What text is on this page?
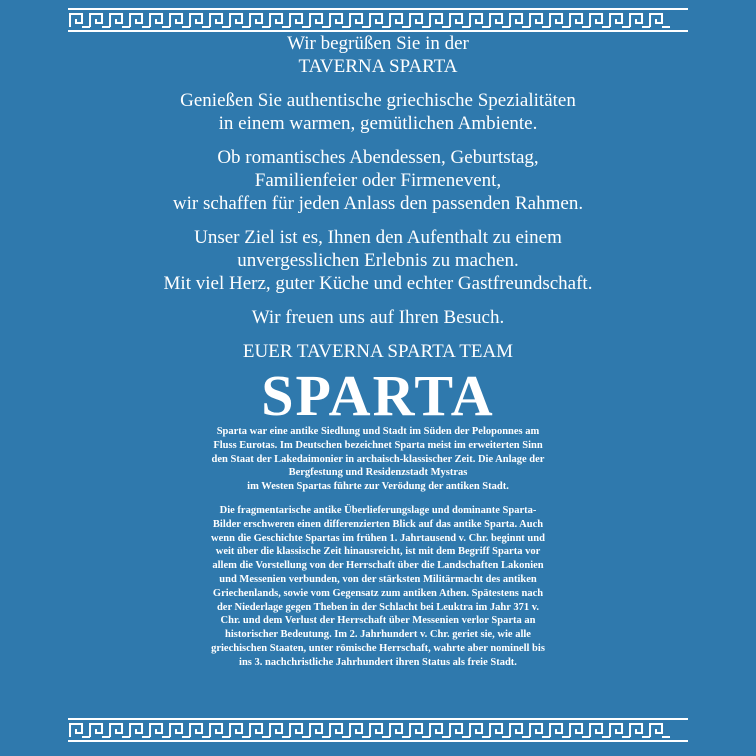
Wir begrüßen Sie in der
TAVERNA SPARTA

Genießen Sie authentische griechische Spezialitäten
in einem warmen, gemütlichen Ambiente.

Ob romantisches Abendessen, Geburtstag,
Familienfeier oder Firmenevent,
wir schaffen für jeden Anlass den passenden Rahmen.

Unser Ziel ist es, Ihnen den Aufenthalt zu einem
unvergesslichen Erlebnis zu machen.
Mit viel Herz, guter Küche und echter Gastfreundschaft.

Wir freuen uns auf Ihren Besuch.

EUER TAVERNA SPARTA TEAM

SPARTA
Sparta war eine antike Siedlung und Stadt im Süden der Peloponnes am
Fluss Eurotas. Im Deutschen bezeichnet Sparta meist im erweiterten Sinn
den Staat der Lakedaimonier in archaisch-klassischer Zeit. Die Anlage der
Bergfestung und Residenzstadt Mystras
im Westen Spartas führte zur Verödung der antiken Stadt.
Die fragmentarische antike Überlieferungslage und dominante Sparta-
Bilder erschweren einen differenzierten Blick auf das antike Sparta. Auch
wenn die Geschichte Spartas im frühen 1. Jahrtausend v. Chr. beginnt und
weit über die klassische Zeit hinausreicht, ist mit dem Begriff Sparta vor
allem die Vorstellung von der Herrschaft über die Landschaften Lakonien
und Messenien verbunden, von der stärksten Militärmacht des antiken
Griechenlands, sowie vom Gegensatz zum antiken Athen. Spätestens nach
der Niederlage gegen Theben in der Schlacht bei Leuktra im Jahr 371 v.
Chr. und dem Verlust der Herrschaft über Messenien verlor Sparta an
historischer Bedeutung. Im 2. Jahrhundert v. Chr. geriet sie, wie alle
griechischen Staaten, unter römische Herrschaft, wahrte aber nominell bis
ins 3. nachchristliche Jahrhundert ihren Status als freie Stadt.
